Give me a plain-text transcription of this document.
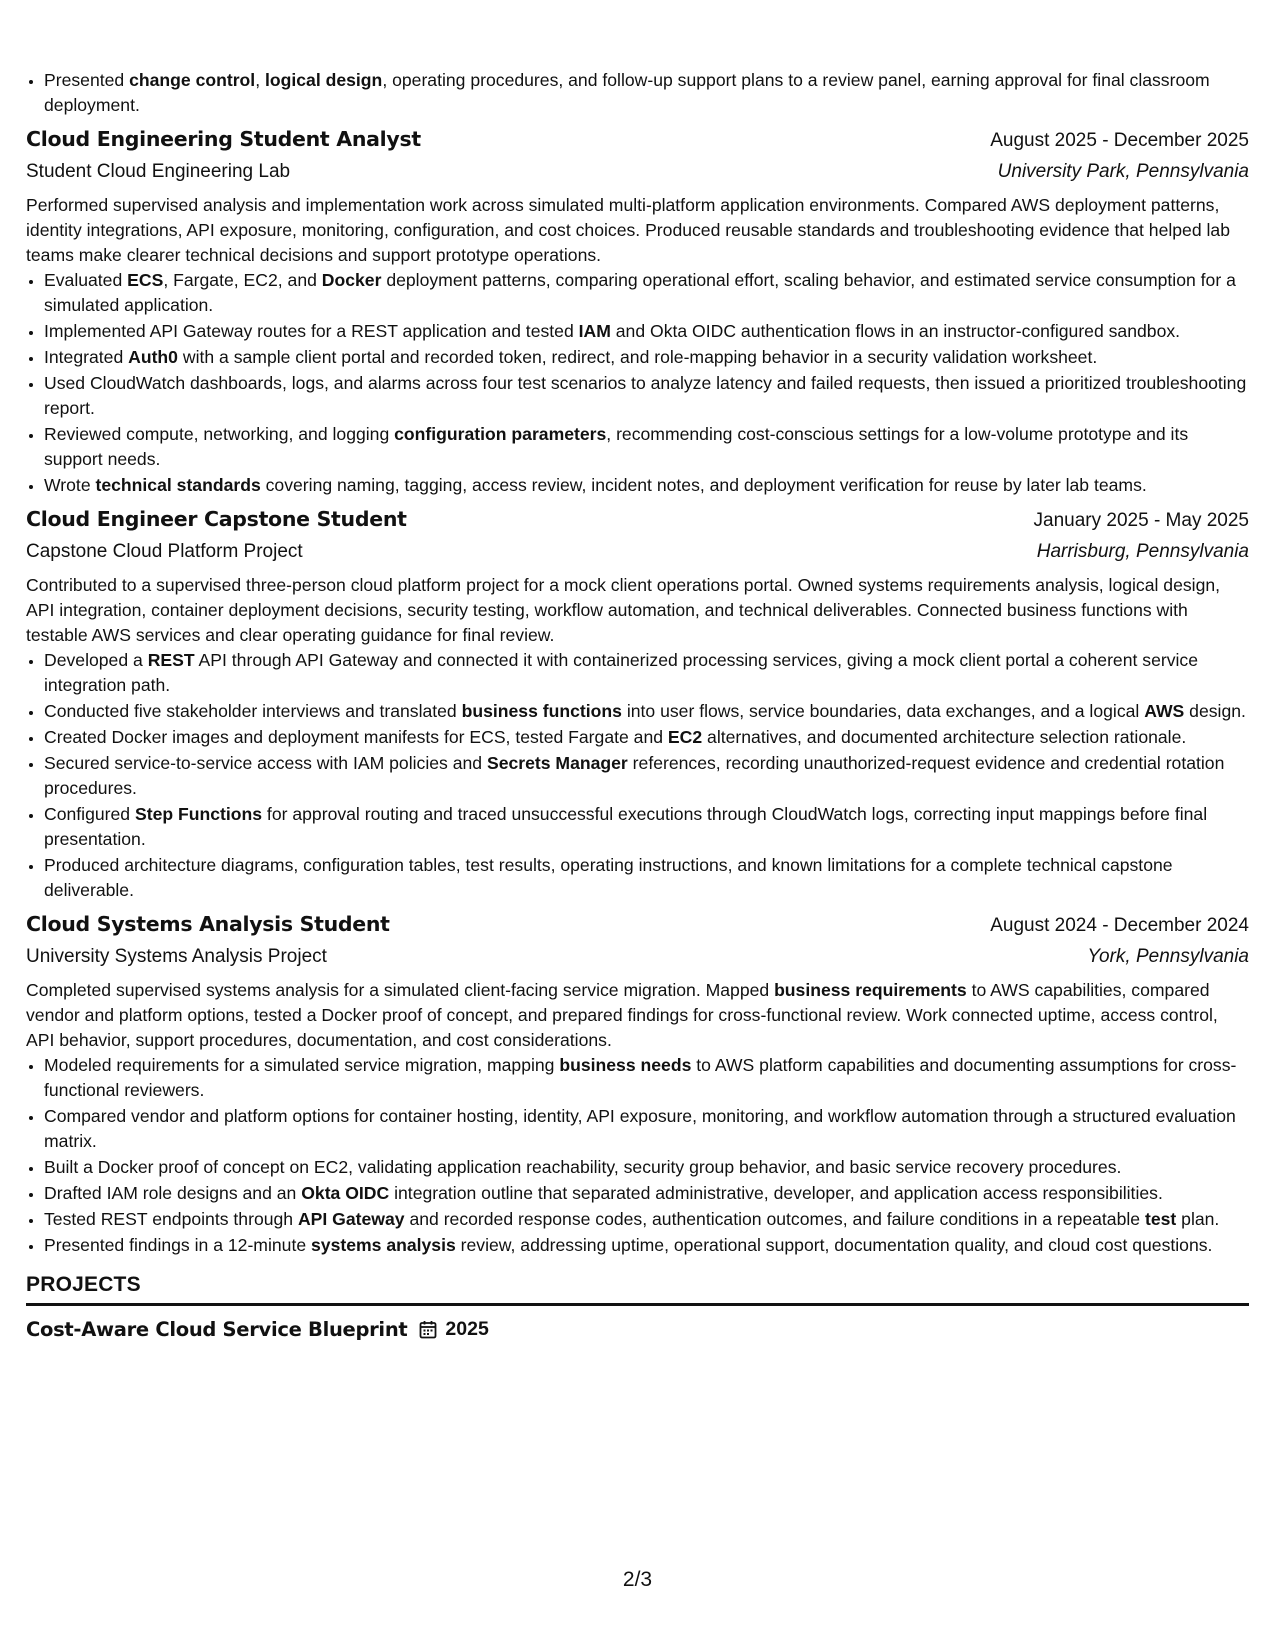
• Presented change control, logical design, operating procedures, and follow-up support plans to a review panel, earning approval for final classroom deployment.
Cloud Engineering Student Analyst	August 2025 - December 2025
Student Cloud Engineering Lab	University Park, Pennsylvania

Performed supervised analysis and implementation work across simulated multi-platform application environments. Compared AWS deployment patterns, identity integrations, API exposure, monitoring, configuration, and cost choices. Produced reusable standards and troubleshooting evidence that helped lab teams make clearer technical decisions and support prototype operations.

• Evaluated ECS, Fargate, EC2, and Docker deployment patterns, comparing operational effort, scaling behavior, and estimated service consumption for a simulated application.
• Implemented API Gateway routes for a REST application and tested IAM and Okta OIDC authentication flows in an instructor-configured sandbox.
• Integrated Auth0 with a sample client portal and recorded token, redirect, and role-mapping behavior in a security validation worksheet.
• Used CloudWatch dashboards, logs, and alarms across four test scenarios to analyze latency and failed requests, then issued a prioritized troubleshooting report.
• Reviewed compute, networking, and logging configuration parameters, recommending cost-conscious settings for a low-volume prototype and its support needs.
• Wrote technical standards covering naming, tagging, access review, incident notes, and deployment verification for reuse by later lab teams.
Cloud Engineer Capstone Student	January 2025 - May 2025
Capstone Cloud Platform Project	Harrisburg, Pennsylvania

Contributed to a supervised three-person cloud platform project for a mock client operations portal. Owned systems requirements analysis, logical design, API integration, container deployment decisions, security testing, workflow automation, and technical deliverables. Connected business functions with testable AWS services and clear operating guidance for final review.

• Developed a REST API through API Gateway and connected it with containerized processing services, giving a mock client portal a coherent service integration path.
• Conducted five stakeholder interviews and translated business functions into user flows, service boundaries, data exchanges, and a logical AWS design.
• Created Docker images and deployment manifests for ECS, tested Fargate and EC2 alternatives, and documented architecture selection rationale.
• Secured service-to-service access with IAM policies and Secrets Manager references, recording unauthorized-request evidence and credential rotation procedures.
• Configured Step Functions for approval routing and traced unsuccessful executions through CloudWatch logs, correcting input mappings before final presentation.
• Produced architecture diagrams, configuration tables, test results, operating instructions, and known limitations for a complete technical capstone deliverable.
Cloud Systems Analysis Student	August 2024 - December 2024
University Systems Analysis Project	York, Pennsylvania

Completed supervised systems analysis for a simulated client-facing service migration. Mapped business requirements to AWS capabilities, compared vendor and platform options, tested a Docker proof of concept, and prepared findings for cross-functional review. Work connected uptime, access control, API behavior, support procedures, documentation, and cost considerations.

• Modeled requirements for a simulated service migration, mapping business needs to AWS platform capabilities and documenting assumptions for cross-functional reviewers.
• Compared vendor and platform options for container hosting, identity, API exposure, monitoring, and workflow automation through a structured evaluation matrix.
• Built a Docker proof of concept on EC2, validating application reachability, security group behavior, and basic service recovery procedures.
• Drafted IAM role designs and an Okta OIDC integration outline that separated administrative, developer, and application access responsibilities.
• Tested REST endpoints through API Gateway and recorded response codes, authentication outcomes, and failure conditions in a repeatable test plan.
• Presented findings in a 12-minute systems analysis review, addressing uptime, operational support, documentation quality, and cloud cost questions.
PROJECTS
Cost-Aware Cloud Service Blueprint 2025
2/3
